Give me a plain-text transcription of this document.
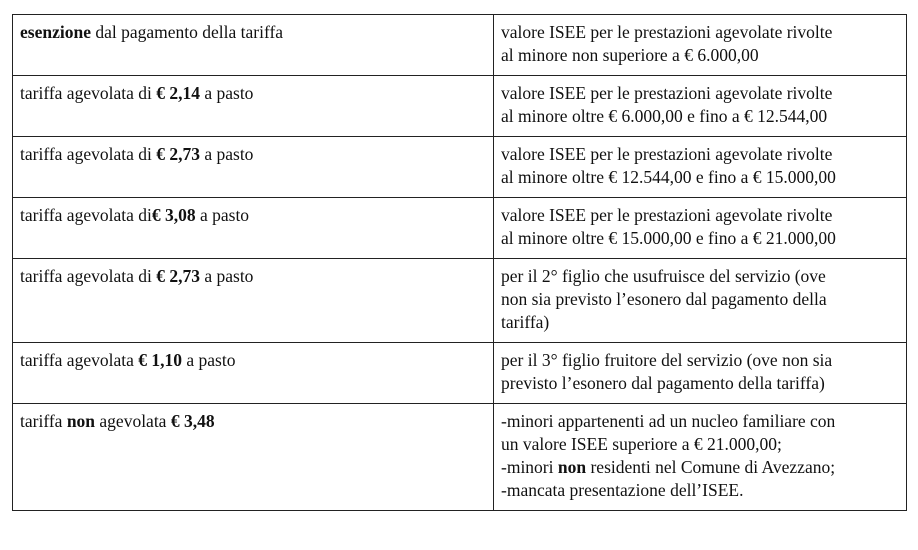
esenzione dal pagamento della tariffa	valore ISEE per le prestazioni agevolate rivolte
al minore non superiore a € 6.000,00

tariffa agevolata di € 2,14 a pasto	valore ISEE per le prestazioni agevolate rivolte
al minore oltre € 6.000,00 e fino a € 12.544,00

tariffa agevolata di € 2,73 a pasto	valore ISEE per le prestazioni agevolate rivolte
al minore oltre € 12.544,00 e fino a € 15.000,00

tariffa agevolata di€ 3,08 a pasto	valore ISEE per le prestazioni agevolate rivolte
al minore oltre € 15.000,00 e fino a € 21.000,00

tariffa agevolata di € 2,73 a pasto	per il 2° figlio che usufruisce del servizio (ove
non sia previsto l’esonero dal pagamento della
tariffa)

tariffa agevolata € 1,10 a pasto	per il 3° figlio fruitore del servizio (ove non sia
previsto l’esonero dal pagamento della tariffa)

tariffa non agevolata € 3,48	-minori appartenenti ad un nucleo familiare con
un valore ISEE superiore a € 21.000,00;
-minori non residenti nel Comune di Avezzano;
-mancata presentazione dell’ISEE.
